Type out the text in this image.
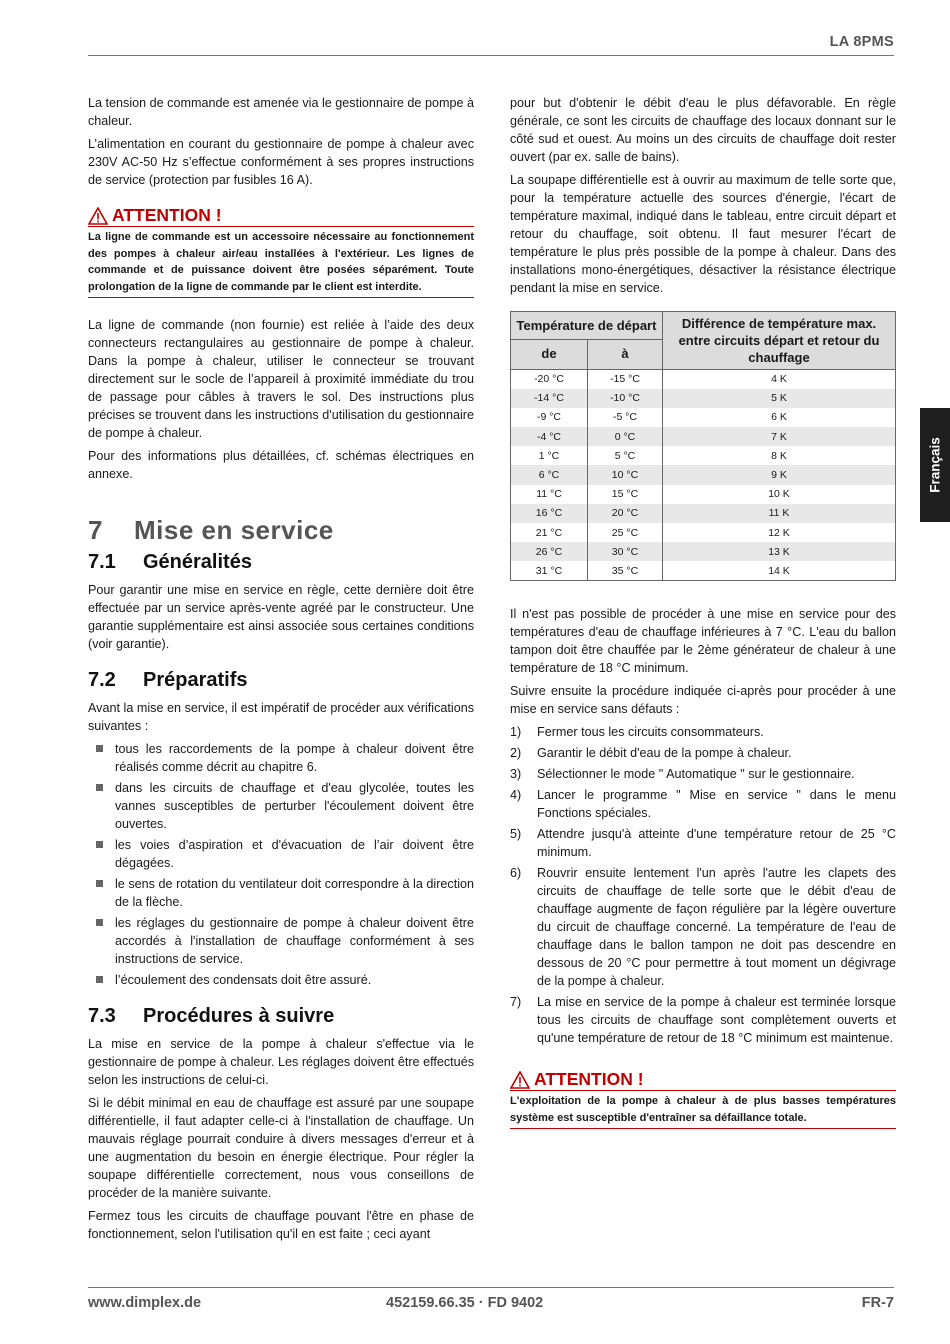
LA 8PMS
Français

La tension de commande est amenée via le gestionnaire de pompe à chaleur.

L’alimentation en courant du gestionnaire de pompe à chaleur avec 230V AC-50 Hz s’effectue conformément à ses propres instructions de service (protection par fusibles 16 A).

ATTENTION !
La ligne de commande est un accessoire nécessaire au fonctionnement des pompes à chaleur air/eau installées à l'extérieur. Les lignes de commande et de puissance doivent être posées séparément. Toute prolongation de la ligne de commande par le client est interdite.

La ligne de commande (non fournie) est reliée à l’aide des deux connecteurs rectangulaires au gestionnaire de pompe à chaleur. Dans la pompe à chaleur, utiliser le connecteur se trouvant directement sur le socle de l’appareil à proximité immédiate du trou de passage pour câbles à travers le sol. Des instructions plus précises se trouvent dans les instructions d'utilisation du gestionnaire de pompe à chaleur.

Pour des informations plus détaillées, cf. schémas électriques en annexe.

7 Mise en service
7.1 Généralités

Pour garantir une mise en service en règle, cette dernière doit être effectuée par un service après-vente agréé par le constructeur. Une garantie supplémentaire est ainsi associée sous certaines conditions (voir garantie).

7.2 Préparatifs

Avant la mise en service, il est impératif de procéder aux vérifications suivantes :

tous les raccordements de la pompe à chaleur doivent être réalisés comme décrit au chapitre 6.
dans les circuits de chauffage et d'eau glycolée, toutes les vannes susceptibles de perturber l'écoulement doivent être ouvertes.
les voies d’aspiration et d'évacuation de l’air doivent être dégagées.
le sens de rotation du ventilateur doit correspondre à la direction de la flèche.
les réglages du gestionnaire de pompe à chaleur doivent être accordés à l'installation de chauffage conformément à ses instructions de service.
l’écoulement des condensats doit être assuré.
7.3 Procédures à suivre

La mise en service de la pompe à chaleur s'effectue via le gestionnaire de pompe à chaleur. Les réglages doivent être effectués selon les instructions de celui-ci.

Si le débit minimal en eau de chauffage est assuré par une soupape différentielle, il faut adapter celle-ci à l'installation de chauffage. Un mauvais réglage pourrait conduire à divers messages d'erreur et à une augmentation du besoin en énergie électrique. Pour régler la soupape différentielle correctement, nous vous conseillons de procéder de la manière suivante.

Fermez tous les circuits de chauffage pouvant l'être en phase de fonctionnement, selon l'utilisation qu'il en est faite ; ceci ayant

pour but d'obtenir le débit d'eau le plus défavorable. En règle générale, ce sont les circuits de chauffage des locaux donnant sur le côté sud et ouest. Au moins un des circuits de chauffage doit rester ouvert (par ex. salle de bains).

La soupape différentielle est à ouvrir au maximum de telle sorte que, pour la température actuelle des sources d'énergie, l'écart de température maximal, indiqué dans le tableau, entre circuit départ et retour du chauffage, soit obtenu. Il faut mesurer l'écart de température le plus près possible de la pompe à chaleur. Dans des installations mono-énergétiques, désactiver la résistance électrique pendant la mise en service.

Température de départ		Différence de température max. entre circuits départ et retour du chauffage
de	à	
-20 °C	-15 °C	4 K
-14 °C	-10 °C	5 K
-9 °C	-5 °C	6 K
-4 °C	0 °C	7 K
1 °C	5 °C	8 K
6 °C	10 °C	9 K
11 °C	15 °C	10 K
16 °C	20 °C	11 K
21 °C	25 °C	12 K
26 °C	30 °C	13 K
31 °C	35 °C	14 K

Il n'est pas possible de procéder à une mise en service pour des températures d'eau de chauffage inférieures à 7 °C. L'eau du ballon tampon doit être chauffée par le 2ème générateur de chaleur à une température de 18 °C minimum.

Suivre ensuite la procédure indiquée ci-après pour procéder à une mise en service sans défauts :

1) Fermer tous les circuits consommateurs.
2) Garantir le débit d'eau de la pompe à chaleur.
3) Sélectionner le mode " Automatique " sur le gestionnaire.
4) Lancer le programme " Mise en service " dans le menu Fonctions spéciales.
5) Attendre jusqu'à atteinte d'une température retour de 25 °C minimum.
6) Rouvrir ensuite lentement l'un après l'autre les clapets des circuits de chauffage de telle sorte que le débit d'eau de chauffage augmente de façon régulière par la légère ouverture du circuit de chauffage concerné. La température de l'eau de chauffage dans le ballon tampon ne doit pas descendre en dessous de 20 °C pour permettre à tout moment un dégivrage de la pompe à chaleur.
7) La mise en service de la pompe à chaleur est terminée lorsque tous les circuits de chauffage sont complètement ouverts et qu'une température de retour de 18 °C minimum est maintenue.
ATTENTION !
L'exploitation de la pompe à chaleur à de plus basses températures système est susceptible d'entraîner sa défaillance totale.
www.dimplex.de	452159.66.35 · FD 9402	FR-7
